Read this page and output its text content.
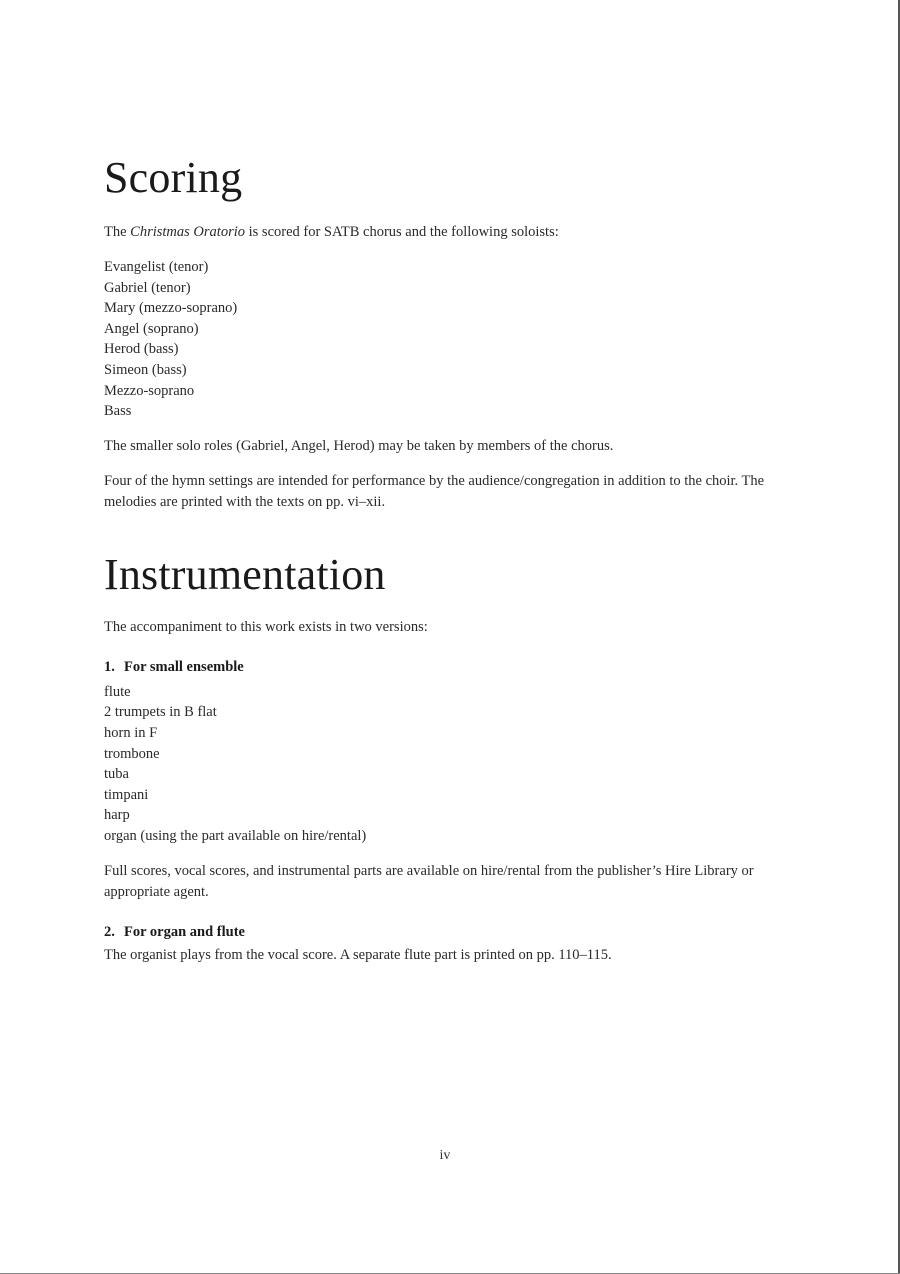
Scoring

The Christmas Oratorio is scored for SATB chorus and the following soloists:

Evangelist (tenor)
Gabriel (tenor)
Mary (mezzo-soprano)
Angel (soprano)
Herod (bass)
Simeon (bass)
Mezzo-soprano
Bass

The smaller solo roles (Gabriel, Angel, Herod) may be taken by members of the chorus.

Four of the hymn settings are intended for performance by the audience/congregation in addition to the choir. The melodies are printed with the texts on pp. vi–xii.

Instrumentation

The accompaniment to this work exists in two versions:

1. For small ensemble
flute
2 trumpets in B flat
horn in F
trombone
tuba
timpani
harp
organ (using the part available on hire/rental)

Full scores, vocal scores, and instrumental parts are available on hire/rental from the publisher’s Hire Library or appropriate agent.

2. For organ and flute

The organist plays from the vocal score. A separate flute part is printed on pp. 110–115.

iv
